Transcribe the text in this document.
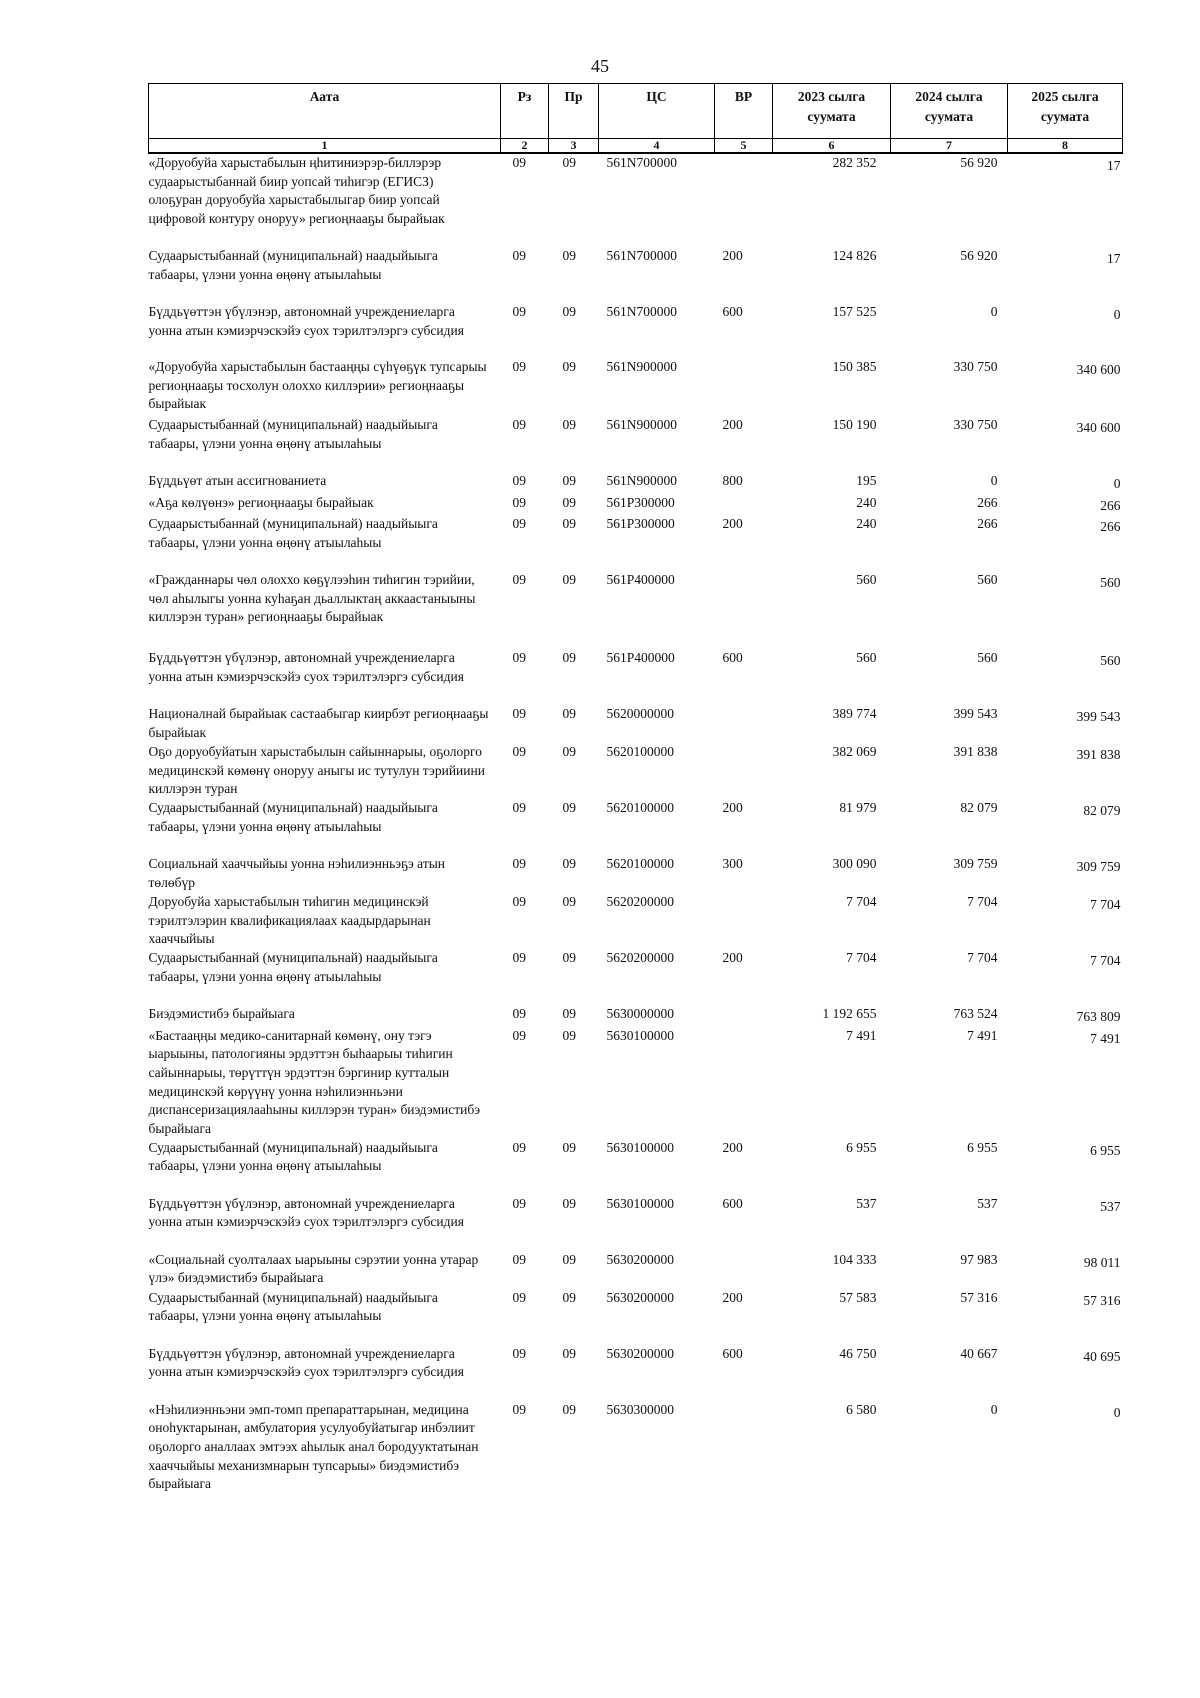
45
Аата	Рз	Пр	ЦС	ВР	2023 сылга суумата	2024 сылга суумата	2025 сылга суумата
1	2	3	4	5	6	7	8
«Доруобуйа харыстабылын ңһитиниэрэр-биллэрэр судаарыстыбаннай биир уопсай тиһигэр (ЕГИСЗ) олоҕуран доруобуйа харыстабылыгар биир уопсай цифровой контуру оноруу» региоңнааҕы бырайыак	09	09	561N700000		282 352	56 920	17
Судаарыстыбаннай (муниципальнай) наадыйыыга табаары, үлэни уонна өңөнү атыылаһыы	09	09	561N700000	200	124 826	56 920	17
Бүддьүөттэн үбүлэнэр, автономнай учреждениеларга уонна атын кэмиэрчэскэйэ суох тэрилтэлэргэ субсидия	09	09	561N700000	600	157 525	0	0
«Доруобуйа харыстабылын бастааңңы сүһүөҕүк тупсарыы региоңнааҕы тосхолун олоххо киллэрии» региоңнааҕы бырайыак	09	09	561N900000		150 385	330 750	340 600
Судаарыстыбаннай (муниципальнай) наадыйыыга табаары, үлэни уонна өңөнү атыылаһыы	09	09	561N900000	200	150 190	330 750	340 600
Бүддьүөт атын ассигнованиета	09	09	561N900000	800	195	0	0
«Аҕа көлүөнэ» региоңнааҕы бырайыак	09	09	561Р300000		240	266	266
Судаарыстыбаннай (муниципальнай) наадыйыыга табаары, үлэни уонна өңөнү атыылаһыы	09	09	561Р300000	200	240	266	266
«Гражданнары чөл олоххо көҕүлээһин тиһигин тэрийии, чөл аһылыгы уонна куһаҕан дьаллыктаң аккаастаныыны киллэрэн туран» региоңнааҕы бырайыак	09	09	561Р400000		560	560	560
Бүддьүөттэн үбүлэнэр, автономнай учреждениеларга уонна атын кэмиэрчэскэйэ суох тэрилтэлэргэ субсидия	09	09	561Р400000	600	560	560	560
Националнай бырайыак састаабыгар киирбэт региоңнааҕы бырайыак	09	09	5620000000		389 774	399 543	399 543
Оҕо доруобуйатын харыстабылын сайыннарыы, оҕолорго медицинскэй көмөнү оноруу аныгы ис тутулун тэрийиини киллэрэн туран	09	09	5620100000		382 069	391 838	391 838
Судаарыстыбаннай (муниципальнай) наадыйыыга табаары, үлэни уонна өңөнү атыылаһыы	09	09	5620100000	200	81 979	82 079	82 079
Социальнай хааччыйыы уонна нэһилиэнньэҕэ атын төлөбүр	09	09	5620100000	300	300 090	309 759	309 759
Доруобуйа харыстабылын тиһигин медицинскэй тэрилтэлэрин квалификациялаах каадырдарынан хааччыйыы	09	09	5620200000		7 704	7 704	7 704
Судаарыстыбаннай (муниципальнай) наадыйыыга табаары, үлэни уонна өңөнү атыылаһыы	09	09	5620200000	200	7 704	7 704	7 704
Биэдэмистибэ бырайыага	09	09	5630000000		1 192 655	763 524	763 809
«Бастааңңы медико-санитарнай көмөнү, ону тэгэ ыарыыны, патологияны эрдэттэн быһаарыы тиһигин сайыннарыы, төрүттүн эрдэттэн бэргинир кутталын медицинскэй көрүүнү уонна нэһилиэнньэни диспансеризациялааһыны киллэрэн туран» биэдэмистибэ бырайыага	09	09	5630100000		7 491	7 491	7 491
Судаарыстыбаннай (муниципальнай) наадыйыыга табаары, үлэни уонна өңөнү атыылаһыы	09	09	5630100000	200	6 955	6 955	6 955
Бүддьүөттэн үбүлэнэр, автономнай учреждениеларга уонна атын кэмиэрчэскэйэ суох тэрилтэлэргэ субсидия	09	09	5630100000	600	537	537	537
«Социальнай суолталаах ыарыыны сэрэтии уонна утарар үлэ» биэдэмистибэ бырайыага	09	09	5630200000		104 333	97 983	98 011
Судаарыстыбаннай (муниципальнай) наадыйыыга табаары, үлэни уонна өңөнү атыылаһыы	09	09	5630200000	200	57 583	57 316	57 316
Бүддьүөттэн үбүлэнэр, автономнай учреждениеларга уонна атын кэмиэрчэскэйэ суох тэрилтэлэргэ субсидия	09	09	5630200000	600	46 750	40 667	40 695
«Нэһилиэнньэни эмп-томп препараттарынан, медицина оноһуктарынан, амбулатория усулуобуйатыгар инбэлиит оҕолорго аналлаах эмтээх аһылык анал бородууктатынан хааччыйыы механизмнарын тупсарыы» биэдэмистибэ бырайыага	09	09	5630300000		6 580	0	0
